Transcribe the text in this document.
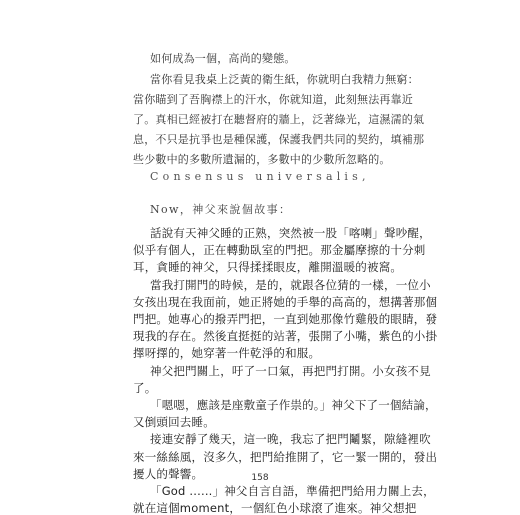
如何成為一個，高尚的變態。
當你看見我桌上泛黃的衛生紙，你就明白我精力無窮：
當你瞄到了吾胸襟上的汗水，你就知道，此刻無法再靠近
了。真相已經被打在聽督府的牆上，泛著綠光，這濕濡的氣
息，不只是抗爭也是種保護，保護我們共同的契約，填補那
些少數中的多數所遺漏的，多數中的少數所忽略的。
Consensus universalis,
Now，神父來說個故事：
話說有天神父睡的正熟，突然被一股「喀喇」聲吵醒，
似乎有個人，正在轉動臥室的門把。那金屬摩擦的十分刺
耳，貪睡的神父，只得揉揉眼皮，離開溫暖的被窩。
當我打開門的時候，是的，就跟各位猜的一樣，一位小
女孩出現在我面前，她正將她的手舉的高高的，想搆著那個
門把。她專心的撥弄門把，一直到她那像竹雞般的眼睛，發
現我的存在。然後直挺挺的站著，張開了小嘴，紫色的小掛
擇呀擇的，她穿著一件乾淨的和服。
神父把門關上，吁了一口氣，再把門打開。小女孩不見
了。
158
「嗯嗯，應該是座敷童子作祟的。」神父下了一個結論，
又倒頭回去睡。
接連安靜了幾天，這一晚，我忘了把門鬮緊，隙縫裡吹
來一絲絲風，沒多久，把門給推開了，它一緊一開的，發出
擾人的聲響。
「God ......」神父自言自語，準備把門給用力關上去，
就在這個moment，一個紅色小球滾了進來。神父想把
